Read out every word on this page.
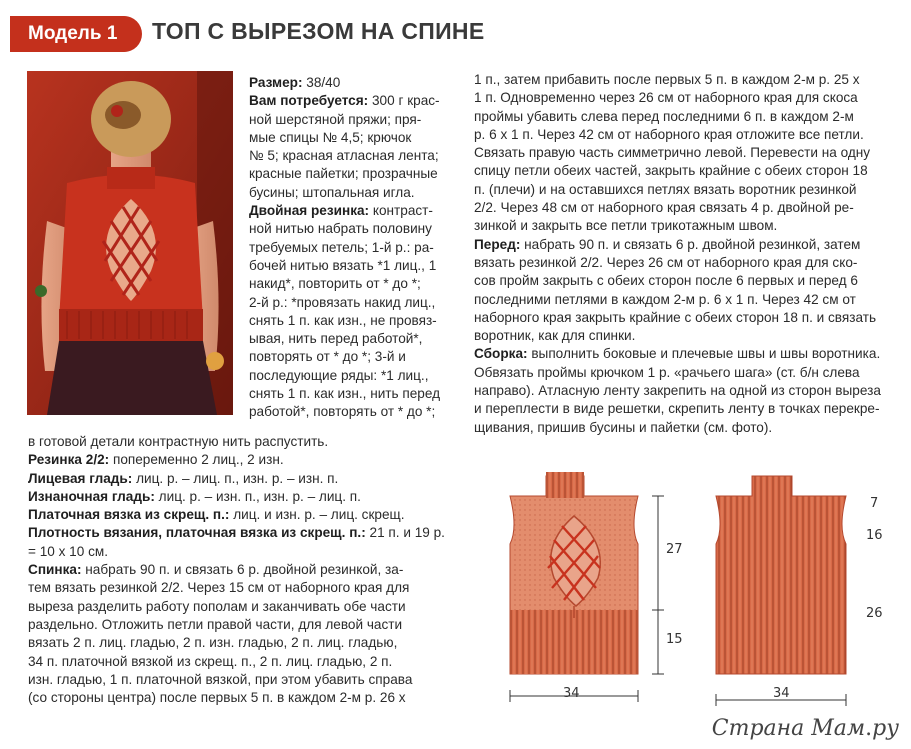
Модель 1	ТОП С ВЫРЕЗОМ НА СПИНЕ
Размер: 38/40
Вам потребуется: 300 г крас-
ной шерстяной пряжи; пря-
мые спицы № 4,5; крючок
№ 5; красная атласная лента;
красные пайетки; прозрачные
бусины; штопальная игла.
Двойная резинка: контраст-
ной нитью набрать половину
требуемых петель; 1-й р.: ра-
бочей нитью вязать *1 лиц., 1
накид*, повторить от * до *;
2-й р.: *провязать накид лиц.,
снять 1 п. как изн., не провяз-
ывая, нить перед работой*,
повторять от * до *; 3-й и
последующие ряды: *1 лиц.,
снять 1 п. как изн., нить перед
работой*, повторять от * до *;
в готовой детали контрастную нить распустить.
Резинка 2/2: попеременно 2 лиц., 2 изн.
Лицевая гладь: лиц. р. – лиц. п., изн. р. – изн. п.
Изнаночная гладь: лиц. р. – изн. п., изн. р. – лиц. п.
Платочная вязка из скрещ. п.: лиц. и изн. р. – лиц. скрещ.
Плотность вязания, платочная вязка из скрещ. п.: 21 п. и 19 р.
= 10 х 10 см.
Спинка: набрать 90 п. и связать 6 р. двойной резинкой, за-
тем вязать резинкой 2/2. Через 15 см от наборного края для
выреза разделить работу пополам и заканчивать обе части
раздельно. Отложить петли правой части, для левой части
вязать 2 п. лиц. гладью, 2 п. изн. гладью, 2 п. лиц. гладью,
34 п. платочной вязкой из скрещ. п., 2 п. лиц. гладью, 2 п.
изн. гладью, 1 п. платочной вязкой, при этом убавить справа
(со стороны центра) после первых 5 п. в каждом 2-м р. 26 х
1 п., затем прибавить после первых 5 п. в каждом 2-м р. 25 х
1 п. Одновременно через 26 см от наборного края для скоса
проймы убавить слева перед последними 6 п. в каждом 2-м
р. 6 х 1 п. Через 42 см от наборного края отложите все петли.
Связать правую часть симметрично левой. Перевести на одну
спицу петли обеих частей, закрыть крайние с обеих сторон 18
п. (плечи) и на оставшихся петлях вязать воротник резинкой
2/2. Через 48 см от наборного края связать 4 р. двойной ре-
зинкой и закрыть все петли трикотажным швом.
Перед: набрать 90 п. и связать 6 р. двойной резинкой, затем
вязать резинкой 2/2. Через 26 см от наборного края для ско-
сов пройм закрыть с обеих сторон после 6 первых и перед 6
последними петлями в каждом 2-м р. 6 х 1 п. Через 42 см от
наборного края закрыть крайние с обеих сторон 18 п. и связать
воротник, как для спинки.
Сборка: выполнить боковые и плечевые швы и швы воротника.
Обвязать проймы крючком 1 р. «рачьего шага» (ст. б/н слева
направо). Атласную ленту закрепить на одной из сторон выреза
и переплести в виде решетки, скрепить ленту в точках перекре-
щивания, пришив бусины и пайетки (см. фото).
27
15
34
7
16
26
34
Страна Мам.ру
